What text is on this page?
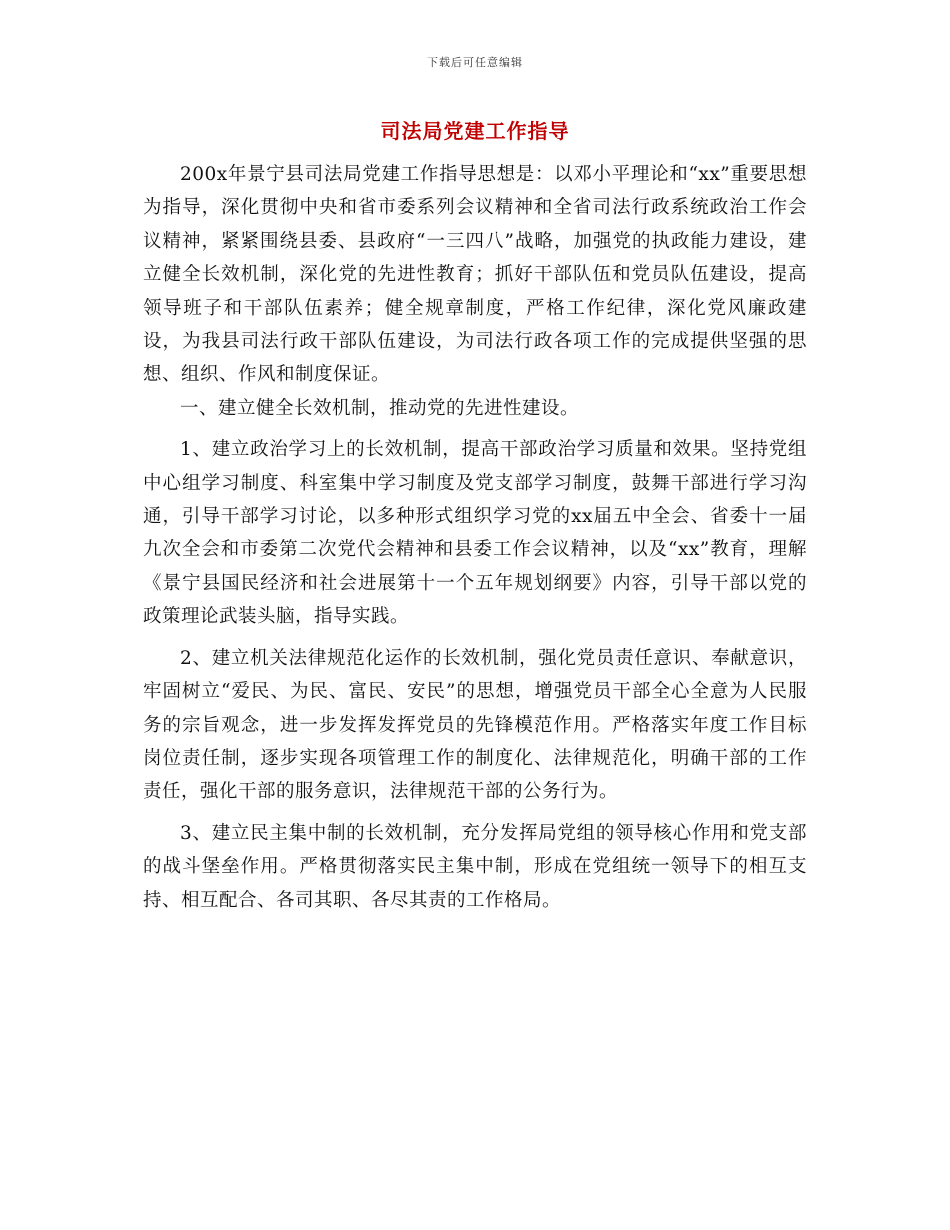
下载后可任意编辑
司法局党建工作指导

200x年景宁县司法局党建工作指导思想是：以邓小平理论和“xx”重要思想为指导，深化贯彻中央和省市委系列会议精神和全省司法行政系统政治工作会议精神，紧紧围绕县委、县政府“一三四八”战略，加强党的执政能力建设，建立健全长效机制，深化党的先进性教育；抓好干部队伍和党员队伍建设，提高领导班子和干部队伍素养；健全规章制度，严格工作纪律，深化党风廉政建设，为我县司法行政干部队伍建设，为司法行政各项工作的完成提供坚强的思想、组织、作风和制度保证。

一、建立健全长效机制，推动党的先进性建设。

1、建立政治学习上的长效机制，提高干部政治学习质量和效果。坚持党组中心组学习制度、科室集中学习制度及党支部学习制度，鼓舞干部进行学习沟通，引导干部学习讨论，以多种形式组织学习党的xx届五中全会、省委十一届九次全会和市委第二次党代会精神和县委工作会议精神，以及“xx”教育，理解《景宁县国民经济和社会进展第十一个五年规划纲要》内容，引导干部以党的政策理论武装头脑，指导实践。

2、建立机关法律规范化运作的长效机制，强化党员责任意识、奉献意识，牢固树立“爱民、为民、富民、安民”的思想，增强党员干部全心全意为人民服务的宗旨观念，进一步发挥发挥党员的先锋模范作用。严格落实年度工作目标岗位责任制，逐步实现各项管理工作的制度化、法律规范化，明确干部的工作责任，强化干部的服务意识，法律规范干部的公务行为。

3、建立民主集中制的长效机制，充分发挥局党组的领导核心作用和党支部的战斗堡垒作用。严格贯彻落实民主集中制，形成在党组统一领导下的相互支持、相互配合、各司其职、各尽其责的工作格局。
